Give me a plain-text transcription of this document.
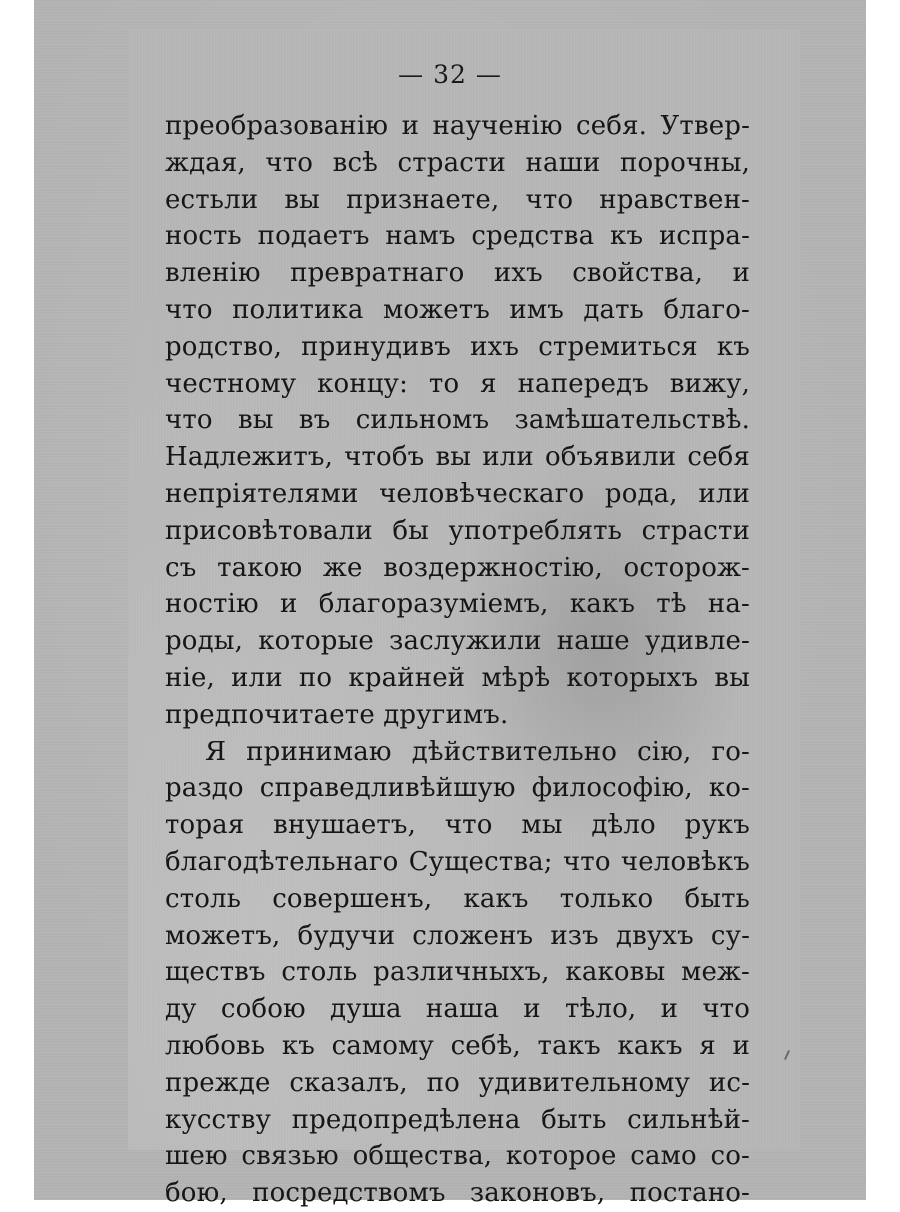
— 32 —
преобразованію и наученію себя. Утвер-
ждая, что всѣ страсти наши порочны,
естьли вы признаете, что нравствен-
ность подаетъ намъ средства къ испра-
вленію превратнаго ихъ свойства, и
что политика можетъ имъ дать благо-
родство, принудивъ ихъ стремиться къ
честному концу: то я напередъ вижу,
что вы въ сильномъ замѣшательствѣ.
Надлежитъ, чтобъ вы или объявили себя
непріятелями человѣческаго рода, или
присовѣтовали бы употреблять страсти
съ такою же воздержностію, осторож-
ностію и благоразуміемъ, какъ тѣ на-
роды, которые заслужили наше удивле-
ніе, или по крайней мѣрѣ которыхъ вы
предпочитаете другимъ.
Я принимаю дѣйствительно сію, го-
раздо справедливѣйшую философію, ко-
торая внушаетъ, что мы дѣло рукъ
благодѣтельнаго Существа; что человѣкъ
столь совершенъ, какъ только быть
можетъ, будучи сложенъ изъ двухъ су-
ществъ столь различныхъ, каковы меж-
ду собою душа наша и тѣло, и что
любовь къ самому себѣ, такъ какъ я и
прежде сказалъ, по удивительному ис-
кусству предопредѣлена быть сильнѣй-
шею связью общества, которое само со-
бою, посредствомъ законовъ, постано-
